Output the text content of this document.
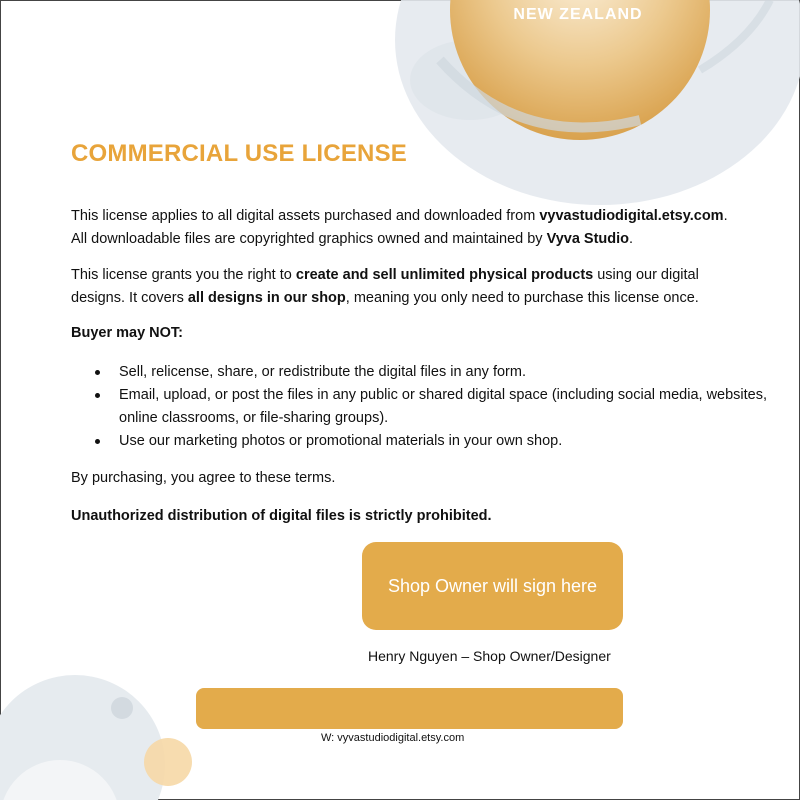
NEW ZEALAND
COMMERCIAL USE LICENSE
This license applies to all digital assets purchased and downloaded from vyvastudiodigital.etsy.com. All downloadable files are copyrighted graphics owned and maintained by Vyva Studio.
This license grants you the right to create and sell unlimited physical products using our digital designs. It covers all designs in our shop, meaning you only need to purchase this license once.
Buyer may NOT:
Sell, relicense, share, or redistribute the digital files in any form.
Email, upload, or post the files in any public or shared digital space (including social media, websites, online classrooms, or file-sharing groups).
Use our marketing photos or promotional materials in your own shop.
By purchasing, you agree to these terms.
Unauthorized distribution of digital files is strictly prohibited.
Shop Owner will sign here
Henry Nguyen – Shop Owner/Designer
W: vyvastudiodigital.etsy.com
